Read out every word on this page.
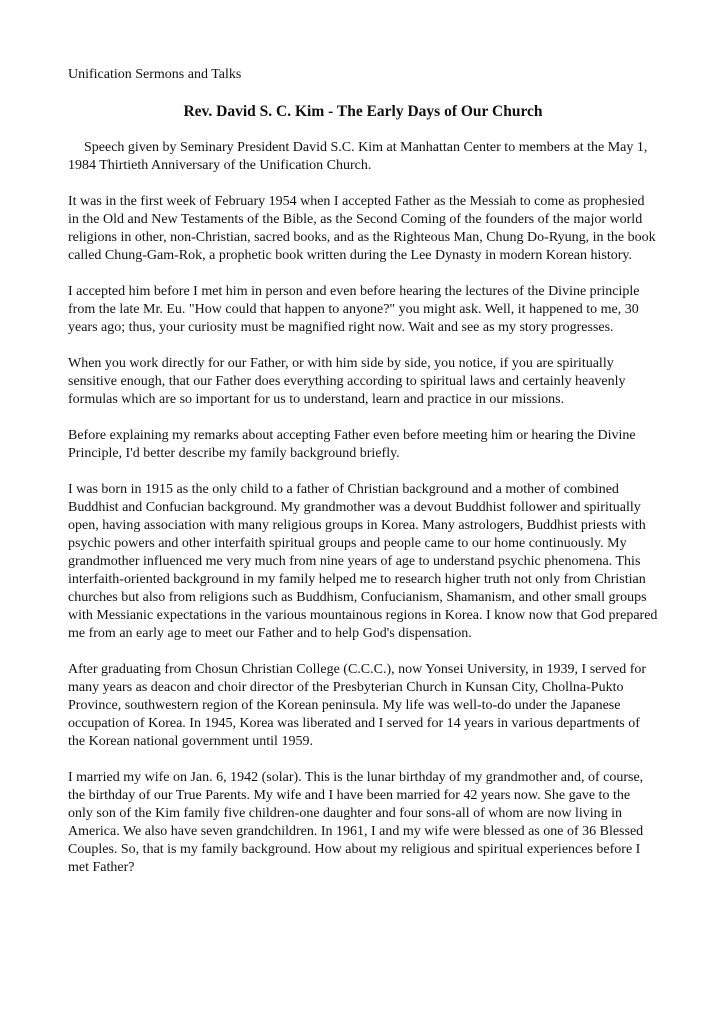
Unification Sermons and Talks
Rev. David S. C. Kim - The Early Days of Our Church

Speech given by Seminary President David S.C. Kim at Manhattan Center to members at the May 1, 1984 Thirtieth Anniversary of the Unification Church.

It was in the first week of February 1954 when I accepted Father as the Messiah to come as prophesied in the Old and New Testaments of the Bible, as the Second Coming of the founders of the major world religions in other, non-Christian, sacred books, and as the Righteous Man, Chung Do-Ryung, in the book called Chung-Gam-Rok, a prophetic book written during the Lee Dynasty in modern Korean history.

I accepted him before I met him in person and even before hearing the lectures of the Divine principle from the late Mr. Eu. "How could that happen to anyone?" you might ask. Well, it happened to me, 30 years ago; thus, your curiosity must be magnified right now. Wait and see as my story progresses.

When you work directly for our Father, or with him side by side, you notice, if you are spiritually sensitive enough, that our Father does everything according to spiritual laws and certainly heavenly formulas which are so important for us to understand, learn and practice in our missions.

Before explaining my remarks about accepting Father even before meeting him or hearing the Divine Principle, I'd better describe my family background briefly.

I was born in 1915 as the only child to a father of Christian background and a mother of combined Buddhist and Confucian background. My grandmother was a devout Buddhist follower and spiritually open, having association with many religious groups in Korea. Many astrologers, Buddhist priests with psychic powers and other interfaith spiritual groups and people came to our home continuously. My grandmother influenced me very much from nine years of age to understand psychic phenomena. This interfaith-oriented background in my family helped me to research higher truth not only from Christian churches but also from religions such as Buddhism, Confucianism, Shamanism, and other small groups with Messianic expectations in the various mountainous regions in Korea. I know now that God prepared me from an early age to meet our Father and to help God's dispensation.

After graduating from Chosun Christian College (C.C.C.), now Yonsei University, in 1939, I served for many years as deacon and choir director of the Presbyterian Church in Kunsan City, Chollna-Pukto Province, southwestern region of the Korean peninsula. My life was well-to-do under the Japanese occupation of Korea. In 1945, Korea was liberated and I served for 14 years in various departments of the Korean national government until 1959.

I married my wife on Jan. 6, 1942 (solar). This is the lunar birthday of my grandmother and, of course, the birthday of our True Parents. My wife and I have been married for 42 years now. She gave to the only son of the Kim family five children-one daughter and four sons-all of whom are now living in America. We also have seven grandchildren. In 1961, I and my wife were blessed as one of 36 Blessed Couples. So, that is my family background. How about my religious and spiritual experiences before I met Father?
